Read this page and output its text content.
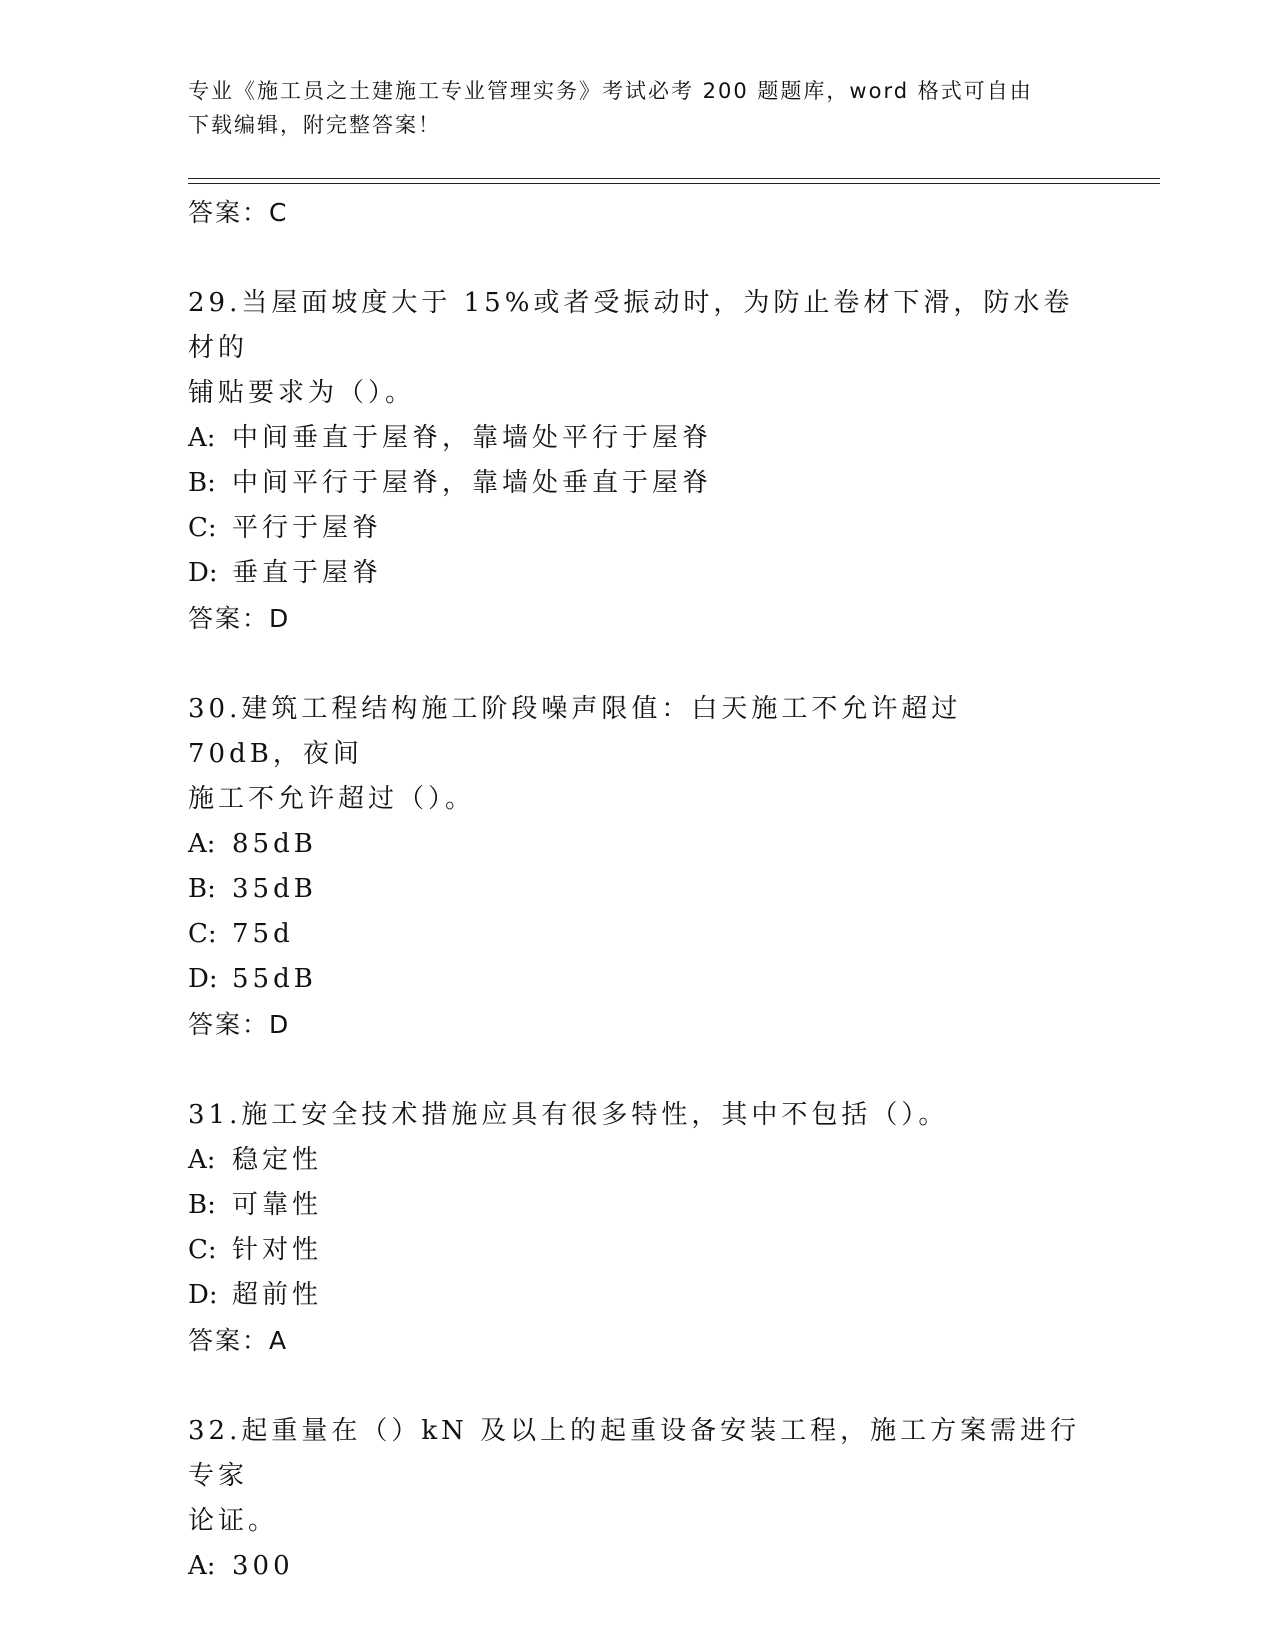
专业《施工员之土建施工专业管理实务》考试必考 200 题题库，word 格式可自由
下载编辑，附完整答案！
答案：C
29.当屋面坡度大于 15%或者受振动时，为防止卷材下滑，防水卷材的
铺贴要求为（）。
A: 中间垂直于屋脊，靠墙处平行于屋脊
B: 中间平行于屋脊，靠墙处垂直于屋脊
C: 平行于屋脊
D: 垂直于屋脊
答案：D
30.建筑工程结构施工阶段噪声限值：白天施工不允许超过 70dB，夜间
施工不允许超过（）。
A: 85dB
B: 35dB
C: 75d
D: 55dB
答案：D
31.施工安全技术措施应具有很多特性，其中不包括（）。
A: 稳定性
B: 可靠性
C: 针对性
D: 超前性
答案：A
32.起重量在（）kN 及以上的起重设备安装工程，施工方案需进行专家
论证。
A: 300
